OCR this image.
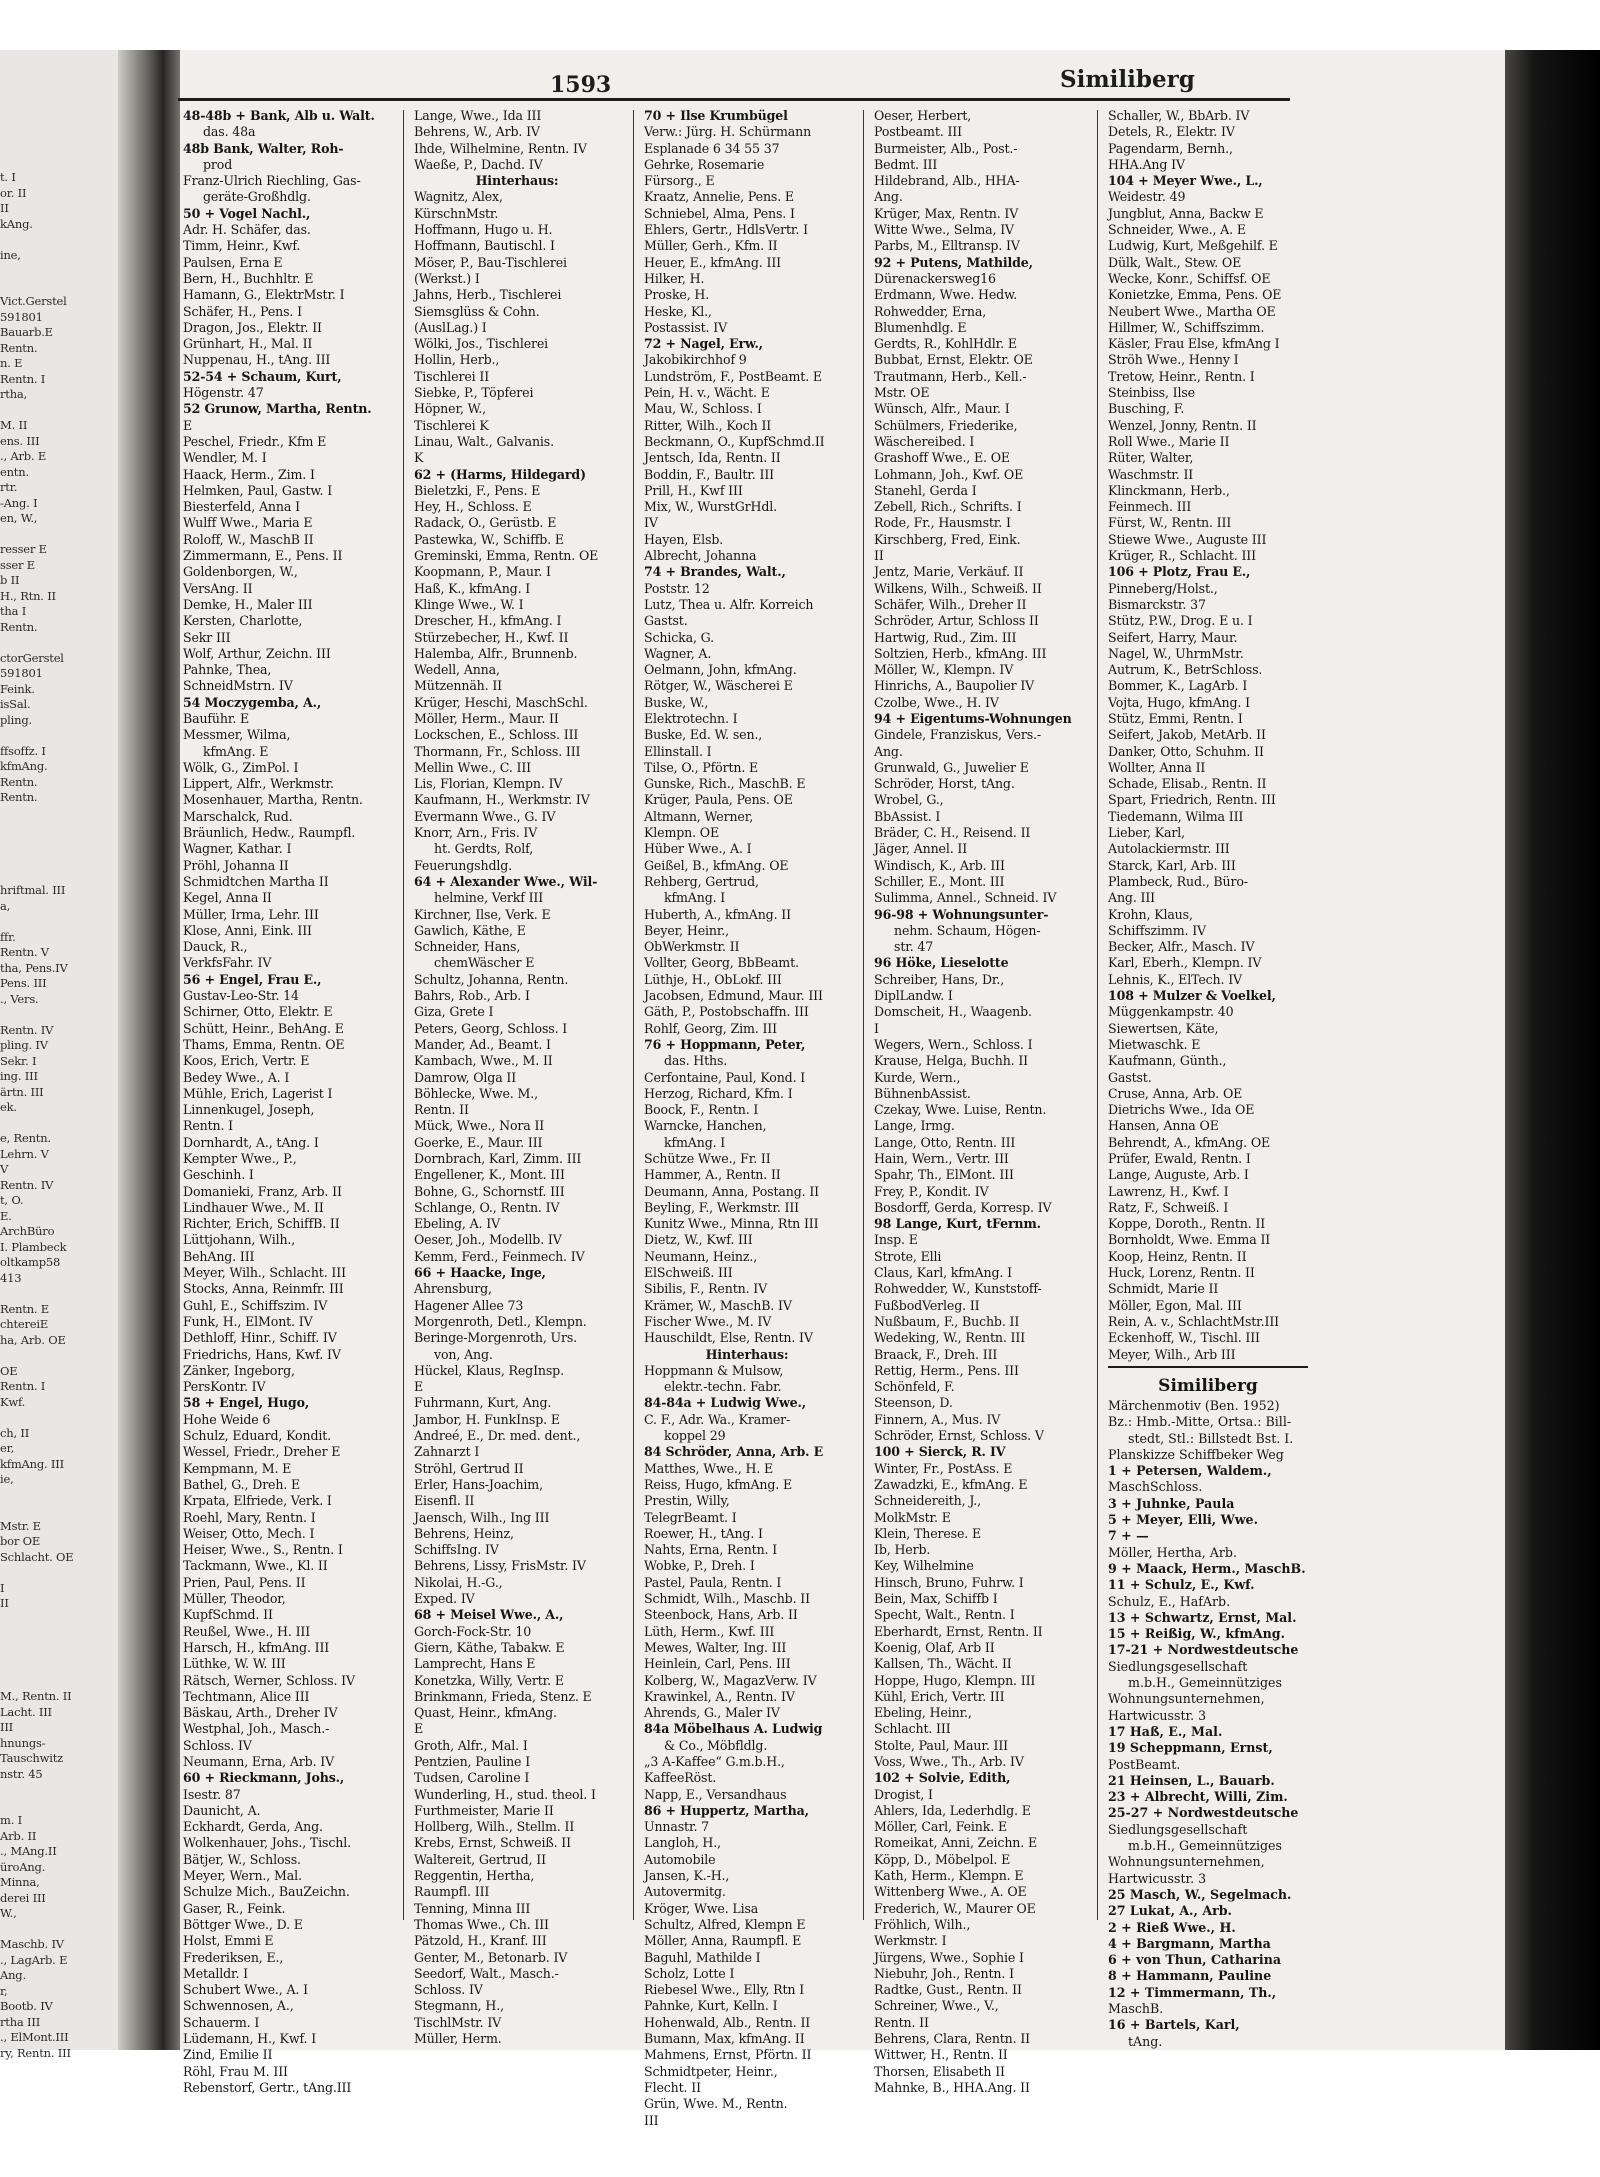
t. I
or. II
II
kAng.
ine,
Vict.Gerstel
591801
Bauarb.E
Rentn.
n. E
Rentn. I
rtha,
M. II
ens. III
., Arb. E
entn.
rtr.
-Ang. I
en, W.,
resser E
sser E
b II
H., Rtn. II
tha I
Rentn.
ctorGerstel
591801
Feink.
isSal.
pling.
ffsoffz. I
kfmAng.
Rentn.
Rentn.
hriftmal. III
a,
ffr.
Rentn. V
tha, Pens.IV
Pens. III
., Vers.
Rentn. IV
pling. IV
Sekr. I
ing. III
ärtn. III
ek.
e, Rentn.
Lehrn. V
V
Rentn. IV
t, O.
E.
ArchBüro
I. Plambeck
oltkamp58
413
Rentn. E
chtereiE
ha, Arb. OE
OE
Rentn. I
Kwf.
ch, II
er,
kfmAng. III
ie,
Mstr. E
bor OE
Schlacht. OE
I
II
M., Rentn. II
Lacht. III
III
hnungs-
Tauschwitz
nstr. 45
m. I
Arb. II
., MAng.II
üroAng.
Minna,
derei III
W.,
Maschb. IV
., LagArb. E
Ang.
r,
Bootb. IV
rtha III
., ElMont.III
ry, Rentn. III
1593	Similiberg
48-48b + Bank, Alb u. Walt.
das. 48a
48b Bank, Walter, Roh-
prod
Franz-Ulrich Riechling, Gas-
geräte-Großhdlg.
50 + Vogel Nachl.,
Adr. H. Schäfer, das.
Timm, Heinr., Kwf.
Paulsen, Erna E
Bern, H., Buchhltr. E
Hamann, G., ElektrMstr. I
Schäfer, H., Pens. I
Dragon, Jos., Elektr. II
Grünhart, H., Mal. II
Nuppenau, H., tAng. III
52-54 + Schaum, Kurt,
Högenstr. 47
52 Grunow, Martha, Rentn.
E
Peschel, Friedr., Kfm E
Wendler, M. I
Haack, Herm., Zim. I
Helmken, Paul, Gastw. I
Biesterfeld, Anna I
Wulff Wwe., Maria E
Roloff, W., MaschB II
Zimmermann, E., Pens. II
Goldenborgen, W.,
VersAng. II
Demke, H., Maler III
Kersten, Charlotte,
Sekr III
Wolf, Arthur, Zeichn. III
Pahnke, Thea,
SchneidMstrn. IV
54 Moczygemba, A.,
Bauführ. E
Messmer, Wilma,
kfmAng. E
Wölk, G., ZimPol. I
Lippert, Alfr., Werkmstr.
Mosenhauer, Martha, Rentn.
Marschalck, Rud.
Bräunlich, Hedw., Raumpfl.
Wagner, Kathar. I
Pröhl, Johanna II
Schmidtchen Martha II
Kegel, Anna II
Müller, Irma, Lehr. III
Klose, Anni, Eink. III
Dauck, R.,
VerkfsFahr. IV
56 + Engel, Frau E.,
Gustav-Leo-Str. 14
Schirner, Otto, Elektr. E
Schütt, Heinr., BehAng. E
Thams, Emma, Rentn. OE
Koos, Erich, Vertr. E
Bedey Wwe., A. I
Mühle, Erich, Lagerist I
Linnenkugel, Joseph,
Rentn. I
Dornhardt, A., tAng. I
Kempter Wwe., P.,
Geschinh. I
Domanieki, Franz, Arb. II
Lindhauer Wwe., M. II
Richter, Erich, SchiffB. II
Lüttjohann, Wilh.,
BehAng. III
Meyer, Wilh., Schlacht. III
Stocks, Anna, Reinmfr. III
Guhl, E., Schiffszim. IV
Funk, H., ElMont. IV
Dethloff, Hinr., Schiff. IV
Friedrichs, Hans, Kwf. IV
Zänker, Ingeborg,
PersKontr. IV
58 + Engel, Hugo,
Hohe Weide 6
Schulz, Eduard, Kondit.
Wessel, Friedr., Dreher E
Kempmann, M. E
Bathel, G., Dreh. E
Krpata, Elfriede, Verk. I
Roehl, Mary, Rentn. I
Weiser, Otto, Mech. I
Heiser, Wwe., S., Rentn. I
Tackmann, Wwe., Kl. II
Prien, Paul, Pens. II
Müller, Theodor,
KupfSchmd. II
Reußel, Wwe., H. III
Harsch, H., kfmAng. III
Lüthke, W. W. III
Rätsch, Werner, Schloss. IV
Techtmann, Alice III
Bäskau, Arth., Dreher IV
Westphal, Joh., Masch.-
Schloss. IV
Neumann, Erna, Arb. IV
60 + Rieckmann, Johs.,
Isestr. 87
Daunicht, A.
Eckhardt, Gerda, Ang.
Wolkenhauer, Johs., Tischl.
Bätjer, W., Schloss.
Meyer, Wern., Mal.
Schulze Mich., BauZeichn.
Gaser, R., Feink.
Böttger Wwe., D. E
Holst, Emmi E
Frederiksen, E.,
Metalldr. I
Schubert Wwe., A. I
Schwennosen, A.,
Schauerm. I
Lüdemann, H., Kwf. I
Zind, Emilie II
Röhl, Frau M. III
Rebenstorf, Gertr., tAng.III
Lange, Wwe., Ida III
Behrens, W., Arb. IV
Ihde, Wilhelmine, Rentn. IV
Waeße, P., Dachd. IV
Hinterhaus:
Wagnitz, Alex,
KürschnMstr.
Hoffmann, Hugo u. H.
Hoffmann, Bautischl. I
Möser, P., Bau-Tischlerei
(Werkst.) I
Jahns, Herb., Tischlerei
Siemsglüss & Cohn.
(AuslLag.) I
Wölki, Jos., Tischlerei
Hollin, Herb.,
Tischlerei II
Siebke, P., Töpferei
Höpner, W.,
Tischlerei K
Linau, Walt., Galvanis.
K
62 + (Harms, Hildegard)
Bieletzki, F., Pens. E
Hey, H., Schloss. E
Radack, O., Gerüstb. E
Pastewka, W., Schiffb. E
Greminski, Emma, Rentn. OE
Koopmann, P., Maur. I
Haß, K., kfmAng. I
Klinge Wwe., W. I
Drescher, H., kfmAng. I
Stürzebecher, H., Kwf. II
Halemba, Alfr., Brunnenb.
Wedell, Anna,
Mützennäh. II
Krüger, Heschi, MaschSchl.
Möller, Herm., Maur. II
Lockschen, E., Schloss. III
Thormann, Fr., Schloss. III
Mellin Wwe., C. III
Lis, Florian, Klempn. IV
Kaufmann, H., Werkmstr. IV
Evermann Wwe., G. IV
Knorr, Arn., Fris. IV
ht. Gerdts, Rolf,
Feuerungshdlg.
64 + Alexander Wwe., Wil-
helmine, Verkf III
Kirchner, Ilse, Verk. E
Gawlich, Käthe, E
Schneider, Hans,
chemWäscher E
Schultz, Johanna, Rentn.
Bahrs, Rob., Arb. I
Giza, Grete I
Peters, Georg, Schloss. I
Mander, Ad., Beamt. I
Kambach, Wwe., M. II
Damrow, Olga II
Böhlecke, Wwe. M.,
Rentn. II
Mück, Wwe., Nora II
Goerke, E., Maur. III
Dornbrach, Karl, Zimm. III
Engellener, K., Mont. III
Bohne, G., Schornstf. III
Schlange, O., Rentn. IV
Ebeling, A. IV
Oeser, Joh., Modellb. IV
Kemm, Ferd., Feinmech. IV
66 + Haacke, Inge,
Ahrensburg,
Hagener Allee 73
Morgenroth, Detl., Klempn.
Beringe-Morgenroth, Urs.
von, Ang.
Hückel, Klaus, RegInsp.
E
Fuhrmann, Kurt, Ang.
Jambor, H. FunkInsp. E
Andreé, E., Dr. med. dent.,
Zahnarzt I
Ströhl, Gertrud II
Erler, Hans-Joachim,
Eisenfl. II
Jaensch, Wilh., Ing III
Behrens, Heinz,
SchiffsIng. IV
Behrens, Lissy, FrisMstr. IV
Nikolai, H.-G.,
Exped. IV
68 + Meisel Wwe., A.,
Gorch-Fock-Str. 10
Giern, Käthe, Tabakw. E
Lamprecht, Hans E
Konetzka, Willy, Vertr. E
Brinkmann, Frieda, Stenz. E
Quast, Heinr., kfmAng.
E
Groth, Alfr., Mal. I
Pentzien, Pauline I
Tudsen, Caroline I
Wunderling, H., stud. theol. I
Furthmeister, Marie II
Hollberg, Wilh., Stellm. II
Krebs, Ernst, Schweiß. II
Waltereit, Gertrud, II
Reggentin, Hertha,
Raumpfl. III
Tenning, Minna III
Thomas Wwe., Ch. III
Pätzold, H., Kranf. III
Genter, M., Betonarb. IV
Seedorf, Walt., Masch.-
Schloss. IV
Stegmann, H.,
TischlMstr. IV
Müller, Herm.
70 + Ilse Krumbügel
Verw.: Jürg. H. Schürmann
Esplanade 6 34 55 37
Gehrke, Rosemarie
Fürsorg., E
Kraatz, Annelie, Pens. E
Schniebel, Alma, Pens. I
Ehlers, Gertr., HdlsVertr. I
Müller, Gerh., Kfm. II
Heuer, E., kfmAng. III
Hilker, H.
Proske, H.
Heske, Kl.,
Postassist. IV
72 + Nagel, Erw.,
Jakobikirchhof 9
Lundström, F., PostBeamt. E
Pein, H. v., Wächt. E
Mau, W., Schloss. I
Ritter, Wilh., Koch II
Beckmann, O., KupfSchmd.II
Jentsch, Ida, Rentn. II
Boddin, F., Baultr. III
Prill, H., Kwf III
Mix, W., WurstGrHdl.
IV
Hayen, Elsb.
Albrecht, Johanna
74 + Brandes, Walt.,
Poststr. 12
Lutz, Thea u. Alfr. Korreich
Gastst.
Schicka, G.
Wagner, A.
Oelmann, John, kfmAng.
Rötger, W., Wäscherei E
Buske, W.,
Elektrotechn. I
Buske, Ed. W. sen.,
Ellinstall. I
Tilse, O., Pförtn. E
Gunske, Rich., MaschB. E
Krüger, Paula, Pens. OE
Altmann, Werner,
Klempn. OE
Hüber Wwe., A. I
Geißel, B., kfmAng. OE
Rehberg, Gertrud,
kfmAng. I
Huberth, A., kfmAng. II
Beyer, Heinr.,
ObWerkmstr. II
Vollter, Georg, BbBeamt.
Lüthje, H., ObLokf. III
Jacobsen, Edmund, Maur. III
Gäth, P., Postobschaffn. III
Rohlf, Georg, Zim. III
76 + Hoppmann, Peter,
das. Hths.
Cerfontaine, Paul, Kond. I
Herzog, Richard, Kfm. I
Boock, F., Rentn. I
Warncke, Hanchen,
kfmAng. I
Schütze Wwe., Fr. II
Hammer, A., Rentn. II
Deumann, Anna, Postang. II
Beyling, F., Werkmstr. III
Kunitz Wwe., Minna, Rtn III
Dietz, W., Kwf. III
Neumann, Heinz.,
ElSchweiß. III
Sibilis, F., Rentn. IV
Krämer, W., MaschB. IV
Fischer Wwe., M. IV
Hauschildt, Else, Rentn. IV
Hinterhaus:
Hoppmann & Mulsow,
elektr.-techn. Fabr.
84-84a + Ludwig Wwe.,
C. F., Adr. Wa., Kramer-
koppel 29
84 Schröder, Anna, Arb. E
Matthes, Wwe., H. E
Reiss, Hugo, kfmAng. E
Prestin, Willy,
TelegrBeamt. I
Roewer, H., tAng. I
Nahts, Erna, Rentn. I
Wobke, P., Dreh. I
Pastel, Paula, Rentn. I
Schmidt, Wilh., Maschb. II
Steenbock, Hans, Arb. II
Lüth, Herm., Kwf. III
Mewes, Walter, Ing. III
Heinlein, Carl, Pens. III
Kolberg, W., MagazVerw. IV
Krawinkel, A., Rentn. IV
Ahrends, G., Maler IV
84a Möbelhaus A. Ludwig
& Co., Möbfldlg.
„3 A-Kaffee“ G.m.b.H.,
KaffeeRöst.
Napp, E., Versandhaus
86 + Huppertz, Martha,
Unnastr. 7
Langloh, H.,
Automobile
Jansen, K.-H.,
Autovermitg.
Kröger, Wwe. Lisa
Schultz, Alfred, Klempn E
Möller, Anna, Raumpfl. E
Baguhl, Mathilde I
Scholz, Lotte I
Riebesel Wwe., Elly, Rtn I
Pahnke, Kurt, Kelln. I
Hohenwald, Alb., Rentn. II
Bumann, Max, kfmAng. II
Mahmens, Ernst, Pförtn. II
Schmidtpeter, Heinr.,
Flecht. II
Grün, Wwe. M., Rentn.
III
Oeser, Herbert,
Postbeamt. III
Burmeister, Alb., Post.-
Bedmt. III
Hildebrand, Alb., HHA-
Ang.
Krüger, Max, Rentn. IV
Witte Wwe., Selma, IV
Parbs, M., Elltransp. IV
92 + Putens, Mathilde,
Dürenackersweg16
Erdmann, Wwe. Hedw.
Rohwedder, Erna,
Blumenhdlg. E
Gerdts, R., KohlHdlr. E
Bubbat, Ernst, Elektr. OE
Trautmann, Herb., Kell.-
Mstr. OE
Wünsch, Alfr., Maur. I
Schülmers, Friederike,
Wäschereibed. I
Grashoff Wwe., E. OE
Lohmann, Joh., Kwf. OE
Stanehl, Gerda I
Zebell, Rich., Schrifts. I
Rode, Fr., Hausmstr. I
Kirschberg, Fred, Eink.
II
Jentz, Marie, Verkäuf. II
Wilkens, Wilh., Schweiß. II
Schäfer, Wilh., Dreher II
Schröder, Artur, Schloss II
Hartwig, Rud., Zim. III
Soltzien, Herb., kfmAng. III
Möller, W., Klempn. IV
Hinrichs, A., Baupolier IV
Czolbe, Wwe., H. IV
94 + Eigentums-Wohnungen
Gindele, Franziskus, Vers.-
Ang.
Grunwald, G., Juwelier E
Schröder, Horst, tAng.
Wrobel, G.,
BbAssist. I
Bräder, C. H., Reisend. II
Jäger, Annel. II
Windisch, K., Arb. III
Schiller, E., Mont. III
Sulimma, Annel., Schneid. IV
96-98 + Wohnungsunter-
nehm. Schaum, Högen-
str. 47
96 Höke, Lieselotte
Schreiber, Hans, Dr.,
DiplLandw. I
Domscheit, H., Waagenb.
I
Wegers, Wern., Schloss. I
Krause, Helga, Buchh. II
Kurde, Wern.,
BühnenbAssist.
Czekay, Wwe. Luise, Rentn.
Lange, Irmg.
Lange, Otto, Rentn. III
Hain, Wern., Vertr. III
Spahr, Th., ElMont. III
Frey, P., Kondit. IV
Bosdorff, Gerda, Korresp. IV
98 Lange, Kurt, tFernm.
Insp. E
Strote, Elli
Claus, Karl, kfmAng. I
Rohwedder, W., Kunststoff-
FußbodVerleg. II
Nußbaum, F., Buchb. II
Wedeking, W., Rentn. III
Braack, F., Dreh. III
Rettig, Herm., Pens. III
Schönfeld, F.
Steenson, D.
Finnern, A., Mus. IV
Schröder, Ernst, Schloss. V
100 + Sierck, R. IV
Winter, Fr., PostAss. E
Zawadzki, E., kfmAng. E
Schneidereith, J.,
MolkMstr. E
Klein, Therese. E
Ib, Herb.
Key, Wilhelmine
Hinsch, Bruno, Fuhrw. I
Bein, Max, Schiffb I
Specht, Walt., Rentn. I
Eberhardt, Ernst, Rentn. II
Koenig, Olaf, Arb II
Kallsen, Th., Wächt. II
Hoppe, Hugo, Klempn. III
Kühl, Erich, Vertr. III
Ebeling, Heinr.,
Schlacht. III
Stolte, Paul, Maur. III
Voss, Wwe., Th., Arb. IV
102 + Solvie, Edith,
Drogist, I
Ahlers, Ida, Lederhdlg. E
Möller, Carl, Feink. E
Romeikat, Anni, Zeichn. E
Köpp, D., Möbelpol. E
Kath, Herm., Klempn. E
Wittenberg Wwe., A. OE
Frederich, W., Maurer OE
Fröhlich, Wilh.,
Werkmstr. I
Jürgens, Wwe., Sophie I
Niebuhr, Joh., Rentn. I
Radtke, Gust., Rentn. II
Schreiner, Wwe., V.,
Rentn. II
Behrens, Clara, Rentn. II
Wittwer, H., Rentn. II
Thorsen, Elisabeth II
Mahnke, B., HHA.Ang. II
Schaller, W., BbArb. IV
Detels, R., Elektr. IV
Pagendarm, Bernh.,
HHA.Ang IV
104 + Meyer Wwe., L.,
Weidestr. 49
Jungblut, Anna, Backw E
Schneider, Wwe., A. E
Ludwig, Kurt, Meßgehilf. E
Dülk, Walt., Stew. OE
Wecke, Konr., Schiffsf. OE
Konietzke, Emma, Pens. OE
Neubert Wwe., Martha OE
Hillmer, W., Schiffszimm.
Käsler, Frau Else, kfmAng I
Ströh Wwe., Henny I
Tretow, Heinr., Rentn. I
Steinbiss, Ilse
Busching, F.
Wenzel, Jonny, Rentn. II
Roll Wwe., Marie II
Rüter, Walter,
Waschmstr. II
Klinckmann, Herb.,
Feinmech. III
Fürst, W., Rentn. III
Stiewe Wwe., Auguste III
Krüger, R., Schlacht. III
106 + Plotz, Frau E.,
Pinneberg/Holst.,
Bismarckstr. 37
Stütz, P.W., Drog. E u. I
Seifert, Harry, Maur.
Nagel, W., UhrmMstr.
Autrum, K., BetrSchloss.
Bommer, K., LagArb. I
Vojta, Hugo, kfmAng. I
Stütz, Emmi, Rentn. I
Seifert, Jakob, MetArb. II
Danker, Otto, Schuhm. II
Wollter, Anna II
Schade, Elisab., Rentn. II
Spart, Friedrich, Rentn. III
Tiedemann, Wilma III
Lieber, Karl,
Autolackiermstr. III
Starck, Karl, Arb. III
Plambeck, Rud., Büro-
Ang. III
Krohn, Klaus,
Schiffszimm. IV
Becker, Alfr., Masch. IV
Karl, Eberh., Klempn. IV
Lehnis, K., ElTech. IV
108 + Mulzer & Voelkel,
Müggenkampstr. 40
Siewertsen, Käte,
Mietwaschk. E
Kaufmann, Günth.,
Gastst.
Cruse, Anna, Arb. OE
Dietrichs Wwe., Ida OE
Hansen, Anna OE
Behrendt, A., kfmAng. OE
Prüfer, Ewald, Rentn. I
Lange, Auguste, Arb. I
Lawrenz, H., Kwf. I
Ratz, F., Schweiß. I
Koppe, Doroth., Rentn. II
Bornholdt, Wwe. Emma II
Koop, Heinz, Rentn. II
Huck, Lorenz, Rentn. II
Schmidt, Marie II
Möller, Egon, Mal. III
Rein, A. v., SchlachtMstr.III
Eckenhoff, W., Tischl. III
Meyer, Wilh., Arb III
Similiberg
Märchenmotiv (Ben. 1952)
Bz.: Hmb.-Mitte, Ortsa.: Bill-
stedt, Stl.: Billstedt Bst. I.
Planskizze Schiffbeker Weg
1 + Petersen, Waldem.,
MaschSchloss.
3 + Juhnke, Paula
5 + Meyer, Elli, Wwe.
7 + —
Möller, Hertha, Arb.
9 + Maack, Herm., MaschB.
11 + Schulz, E., Kwf.
Schulz, E., HafArb.
13 + Schwartz, Ernst, Mal.
15 + Reißig, W., kfmAng.
17-21 + Nordwestdeutsche
Siedlungsgesellschaft
m.b.H., Gemeinnütziges
Wohnungsunternehmen,
Hartwicusstr. 3
17 Haß, E., Mal.
19 Scheppmann, Ernst,
PostBeamt.
21 Heinsen, L., Bauarb.
23 + Albrecht, Willi, Zim.
25-27 + Nordwestdeutsche
Siedlungsgesellschaft
m.b.H., Gemeinnütziges
Wohnungsunternehmen,
Hartwicusstr. 3
25 Masch, W., Segelmach.
27 Lukat, A., Arb.
2 + Rieß Wwe., H.
4 + Bargmann, Martha
6 + von Thun, Catharina
8 + Hammann, Pauline
12 + Timmermann, Th.,
MaschB.
16 + Bartels, Karl,
tAng.
